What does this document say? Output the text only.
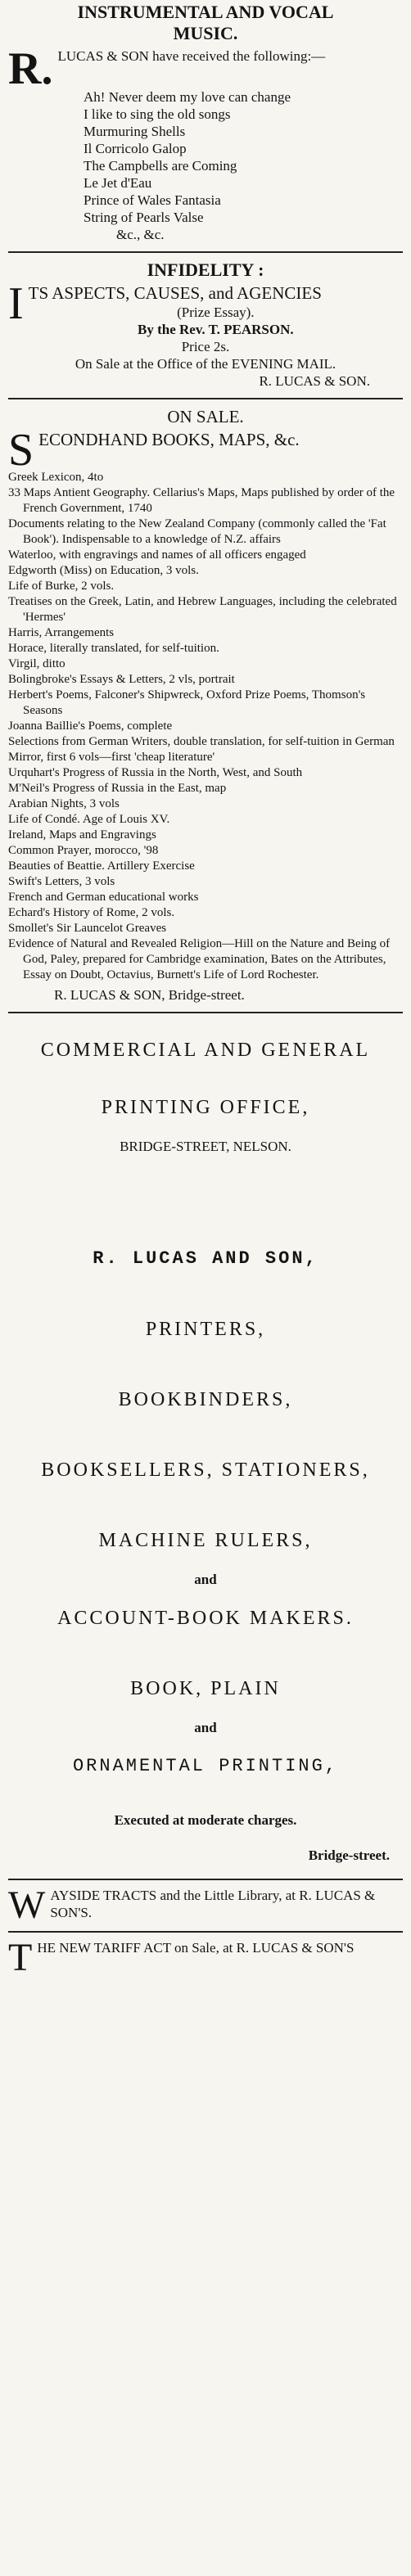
INSTRUMENTAL AND VOCAL
MUSIC.
R. LUCAS & SON have received the following:—
Ah! Never deem my love can change
I like to sing the old songs
Murmuring Shells
Il Corricolo Galop
The Campbells are Coming
Le Jet d'Eau
Prince of Wales Fantasia
String of Pearls Valse
&c., &c.
INFIDELITY :
I TS ASPECTS, CAUSES, and AGENCIES
(Prize Essay).
By the Rev. T. PEARSON.
Price 2s.
On Sale at the Office of the EVENING MAIL.
R. LUCAS & SON.
ON SALE.
S ECONDHAND BOOKS, MAPS, &c.
Greek Lexicon, 4to
33 Maps Antient Geography. Cellarius's Maps, Maps published by order of the French Government, 1740
Documents relating to the New Zealand Company (commonly called the 'Fat Book'). Indispensable to a knowledge of N.Z. affairs
Waterloo, with engravings and names of all officers engaged
Edgworth (Miss) on Education, 3 vols.
Life of Burke, 2 vols.
Treatises on the Greek, Latin, and Hebrew Languages, including the celebrated 'Hermes'
Harris, Arrangements
Horace, literally translated, for self-tuition.
Virgil, ditto
Bolingbroke's Essays & Letters, 2 vls, portrait
Herbert's Poems, Falconer's Shipwreck, Oxford Prize Poems, Thomson's Seasons
Joanna Baillie's Poems, complete
Selections from German Writers, double translation, for self-tuition in German
Mirror, first 6 vols—first 'cheap literature'
Urquhart's Progress of Russia in the North, West, and South
M'Neil's Progress of Russia in the East, map
Arabian Nights, 3 vols
Life of Condé. Age of Louis XV.
Ireland, Maps and Engravings
Common Prayer, morocco, '98
Beauties of Beattie. Artillery Exercise
Swift's Letters, 3 vols
French and German educational works
Echard's History of Rome, 2 vols.
Smollet's Sir Launcelot Greaves
Evidence of Natural and Revealed Religion—Hill on the Nature and Being of God, Paley, prepared for Cambridge examination, Bates on the Attributes, Essay on Doubt, Octavius, Burnett's Life of Lord Rochester.
R. LUCAS & SON, Bridge-street.
COMMERCIAL AND GENERAL
PRINTING OFFICE,
BRIDGE-STREET, NELSON.
R. LUCAS AND SON,
PRINTERS,
BOOKBINDERS,
BOOKSELLERS, STATIONERS,
MACHINE RULERS,
and
ACCOUNT-BOOK MAKERS.
BOOK, PLAIN
and
ORNAMENTAL PRINTING,
Executed at moderate charges.
Bridge-street.
W AYSIDE TRACTS and the Little Library, at R. LUCAS & SON'S.
T HE NEW TARIFF ACT on Sale, at R. LUCAS & SON'S
